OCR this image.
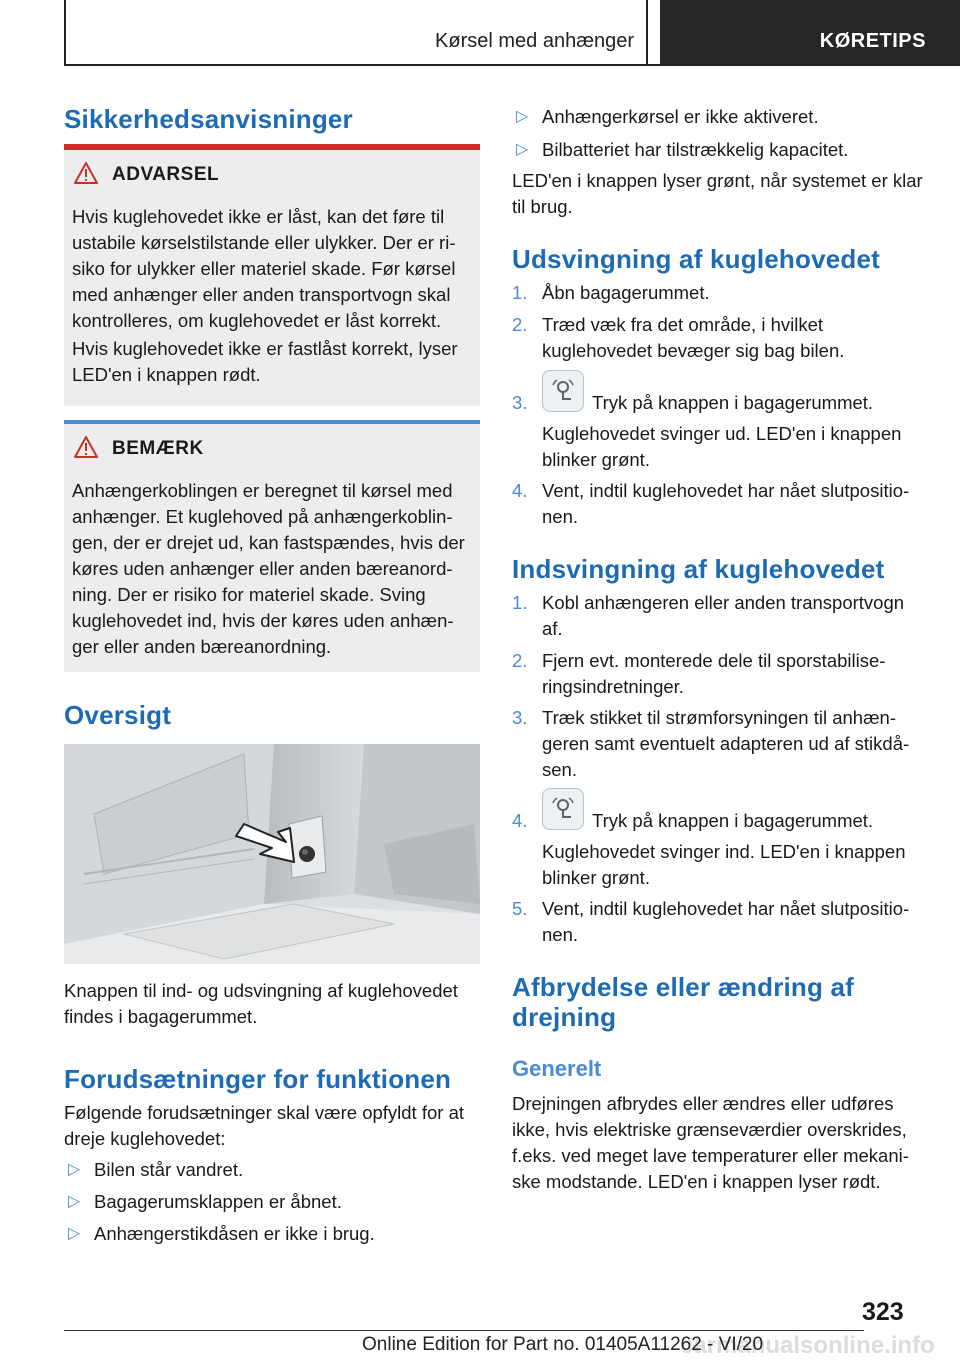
Kørsel med anhænger	KØRETIPS
Sikkerhedsanvisninger
ADVARSEL

Hvis kuglehovedet ikke er låst, kan det føre til ustabile kørselstilstande eller ulykker. Der er ri-siko for ulykker eller materiel skade. Før kørsel med anhænger eller anden transportvogn skal kontrolleres, om kuglehovedet er låst korrekt.

Hvis kuglehovedet ikke er fastlåst korrekt, lyser LED'en i knappen rødt.

BEMÆRK

Anhængerkoblingen er beregnet til kørsel med anhænger. Et kuglehoved på anhængerkoblin-gen, der er drejet ud, kan fastspændes, hvis der køres uden anhænger eller anden bæreanord-ning. Der er risiko for materiel skade. Sving kuglehovedet ind, hvis der køres uden anhæn-ger eller anden bæreanordning.

Oversigt

Knappen til ind- og udsvingning af kuglehovedet findes i bagagerummet.

Forudsætninger for funktionen

Følgende forudsætninger skal være opfyldt for at dreje kuglehovedet:

▷ Bilen står vandret.
▷ Bagagerumsklappen er åbnet.
▷ Anhængerstikdåsen er ikke i brug.
▷ Anhængerkørsel er ikke aktiveret.
▷ Bilbatteriet har tilstrækkelig kapacitet.

LED'en i knappen lyser grønt, når systemet er klar til brug.

Udsvingning af kuglehovedet
1. Åbn bagagerummet.
2. Træd væk fra det område, i hvilket kuglehovedet bevæger sig bag bilen.
3.	Tryk på knappen i bagagerummet.
Kuglehovedet svinger ud. LED'en i knappen blinker grønt.
4. Vent, indtil kuglehovedet har nået slutpositio-nen.
Indsvingning af kuglehovedet
1. Kobl anhængeren eller anden transportvogn af.
2. Fjern evt. monterede dele til sporstabilise-ringsindretninger.
3. Træk stikket til strømforsyningen til anhæn-geren samt eventuelt adapteren ud af stikdå-sen.
4.	Tryk på knappen i bagagerummet.
Kuglehovedet svinger ind. LED'en i knappen blinker grønt.
5. Vent, indtil kuglehovedet har nået slutpositio-nen.
Afbrydelse eller ændring af drejning
Generelt

Drejningen afbrydes eller ændres eller udføres ikke, hvis elektriske grænseværdier overskrides, f.eks. ved meget lave temperaturer eller mekani-ske modstande. LED'en i knappen lyser rødt.

323
carmanualsonline.info
Online Edition for Part no. 01405A11262 - VI/20
